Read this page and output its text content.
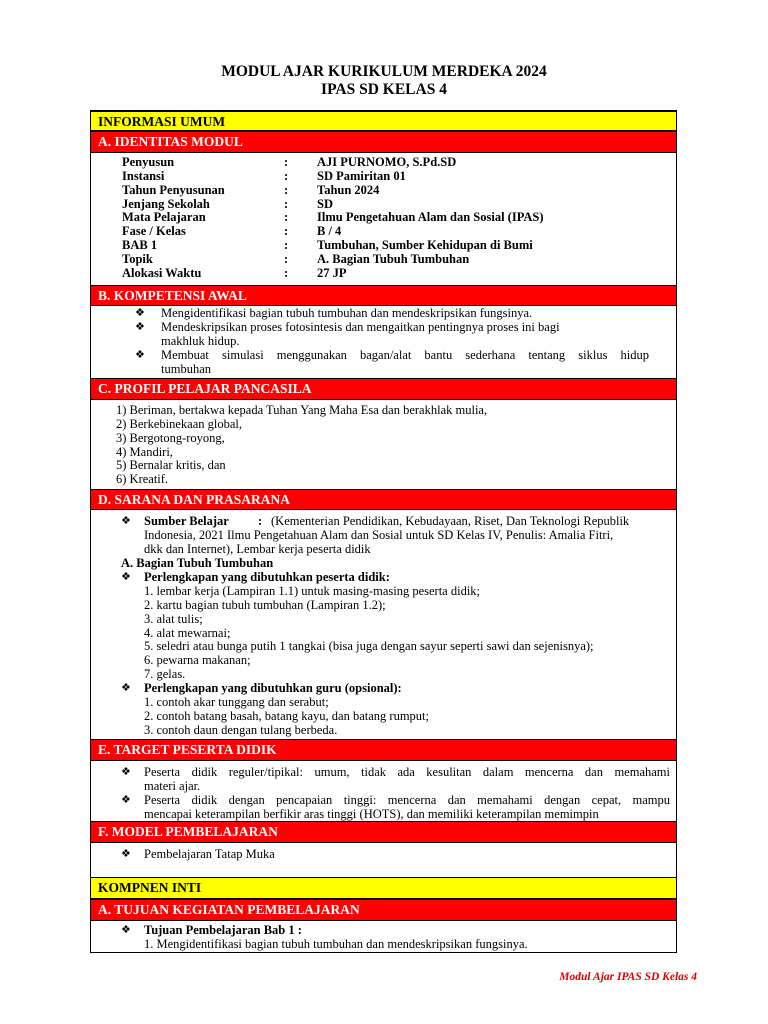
MODUL AJAR KURIKULUM MERDEKA 2024
IPAS SD KELAS 4
INFORMASI UMUM
A. IDENTITAS MODUL
Penyusun	: AJI PURNOMO, S.Pd.SD
Instansi	: SD Pamiritan 01
Tahun Penyusunan	: Tahun 2024
Jenjang Sekolah	: SD
Mata Pelajaran	: Ilmu Pengetahuan Alam dan Sosial (IPAS)
Fase / Kelas	: B / 4
BAB 1	: Tumbuhan, Sumber Kehidupan di Bumi
Topik	: A. Bagian Tubuh Tumbuhan
Alokasi Waktu	: 27 JP
B. KOMPETENSI AWAL
❖ Mengidentifikasi bagian tubuh tumbuhan dan mendeskripsikan fungsinya.
❖ Mendeskripsikan proses fotosintesis dan mengaitkan pentingnya proses ini bagi
makhluk hidup.
❖ Membuat simulasi menggunakan bagan/alat bantu sederhana tentang siklus hidup
tumbuhan
C. PROFIL PELAJAR PANCASILA
1) Beriman, bertakwa kepada Tuhan Yang Maha Esa dan berakhlak mulia,
2) Berkebinekaan global,
3) Bergotong-royong,
4) Mandiri,
5) Bernalar kritis, dan
6) Kreatif.
D. SARANA DAN PRASARANA
❖ Sumber Belajar : (Kementerian Pendidikan, Kebudayaan, Riset, Dan Teknologi Republik
Indonesia, 2021 Ilmu Pengetahuan Alam dan Sosial untuk SD Kelas IV, Penulis: Amalia Fitri,
dkk dan Internet), Lembar kerja peserta didik
A. Bagian Tubuh Tumbuhan
❖ Perlengkapan yang dibutuhkan peserta didik:
1. lembar kerja (Lampiran 1.1) untuk masing-masing peserta didik;
2. kartu bagian tubuh tumbuhan (Lampiran 1.2);
3. alat tulis;
4. alat mewarnai;
5. seledri atau bunga putih 1 tangkai (bisa juga dengan sayur seperti sawi dan sejenisnya);
6. pewarna makanan;
7. gelas.
❖ Perlengkapan yang dibutuhkan guru (opsional):
1. contoh akar tunggang dan serabut;
2. contoh batang basah, batang kayu, dan batang rumput;
3. contoh daun dengan tulang berbeda.
E. TARGET PESERTA DIDIK
❖ Peserta didik reguler/tipikal: umum, tidak ada kesulitan dalam mencerna dan memahami
materi ajar.
❖ Peserta didik dengan pencapaian tinggi: mencerna dan memahami dengan cepat, mampu
mencapai keterampilan berfikir aras tinggi (HOTS), dan memiliki keterampilan memimpin
F. MODEL PEMBELAJARAN
❖ Pembelajaran Tatap Muka
KOMPNEN INTI
A. TUJUAN KEGIATAN PEMBELAJARAN
❖ Tujuan Pembelajaran Bab 1 :
1. Mengidentifikasi bagian tubuh tumbuhan dan mendeskripsikan fungsinya.
Modul Ajar IPAS SD Kelas 4
